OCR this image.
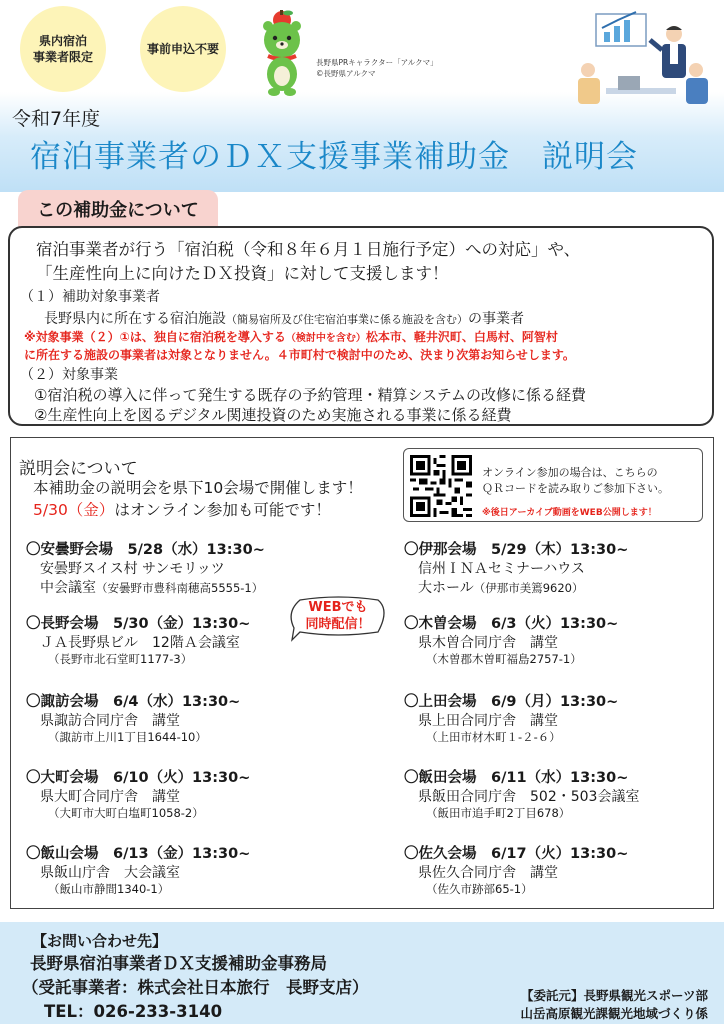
県内宿泊
事業者限定
事前申込不要
長野県PRキャラクター「アルクマ」
©長野県アルクマ
令和7年度
宿泊事業者のＤＸ支援事業補助金　説明会
この補助金について
宿泊事業者が行う「宿泊税（令和８年６月１日施行予定）への対応」や、
「生産性向上に向けたＤＸ投資」に対して支援します！
（１）補助対象事業者
長野県内に所在する宿泊施設（簡易宿所及び住宅宿泊事業に係る施設を含む）の事業者
※対象事業（２）①は、独自に宿泊税を導入する（検討中を含む）松本市、軽井沢町、白馬村、阿智村
に所在する施設の事業者は対象となりません。４市町村で検討中のため、決まり次第お知らせします。
（２）対象事業
①宿泊税の導入に伴って発生する既存の予約管理・精算システムの改修に係る経費
②生産性向上を図るデジタル関連投資のため実施される事業に係る経費
説明会について
本補助金の説明会を県下10会場で開催します！
5/30（金）はオンライン参加も可能です！
オンライン参加の場合は、こちらの
ＱＲコードを読み取りご参加下さい。
※後日アーカイブ動画をWEB公開します！
〇安曇野会場　5/28（水）13:30~
安曇野スイス村 サンモリッツ
中会議室（安曇野市豊科南穂高5555-1）
〇長野会場　5/30（金）13:30~
ＪＡ長野県ビル　12階Ａ会議室
（長野市北石堂町1177-3）
〇諏訪会場　6/4（水）13:30~
県諏訪合同庁舎　講堂
（諏訪市上川1丁目1644-10）
〇大町会場　6/10（火）13:30~
県大町合同庁舎　講堂
（大町市大町白塩町1058-2）
〇飯山会場　6/13（金）13:30~
県飯山庁舎　大会議室
（飯山市静間1340-1）
〇伊那会場　5/29（木）13:30~
信州ＩＮＡセミナーハウス
大ホール（伊那市美篶9620）
〇木曽会場　6/3（火）13:30~
県木曽合同庁舎　講堂
（木曽郡木曽町福島2757-1）
〇上田会場　6/9（月）13:30~
県上田合同庁舎　講堂
（上田市材木町１-２-６）
〇飯田会場　6/11（水）13:30~
県飯田合同庁舎　502・503会議室
（飯田市追手町2丁目678）
〇佐久会場　6/17（火）13:30~
県佐久合同庁舎　講堂
（佐久市跡部65-1）
WEBでも
同時配信！
【お問い合わせ先】
長野県宿泊事業者ＤＸ支援補助金事務局
（受託事業者：株式会社日本旅行　長野支店）
TEL：026-233-3140
【委託元】長野県観光スポーツ部
山岳高原観光課観光地域づくり係
